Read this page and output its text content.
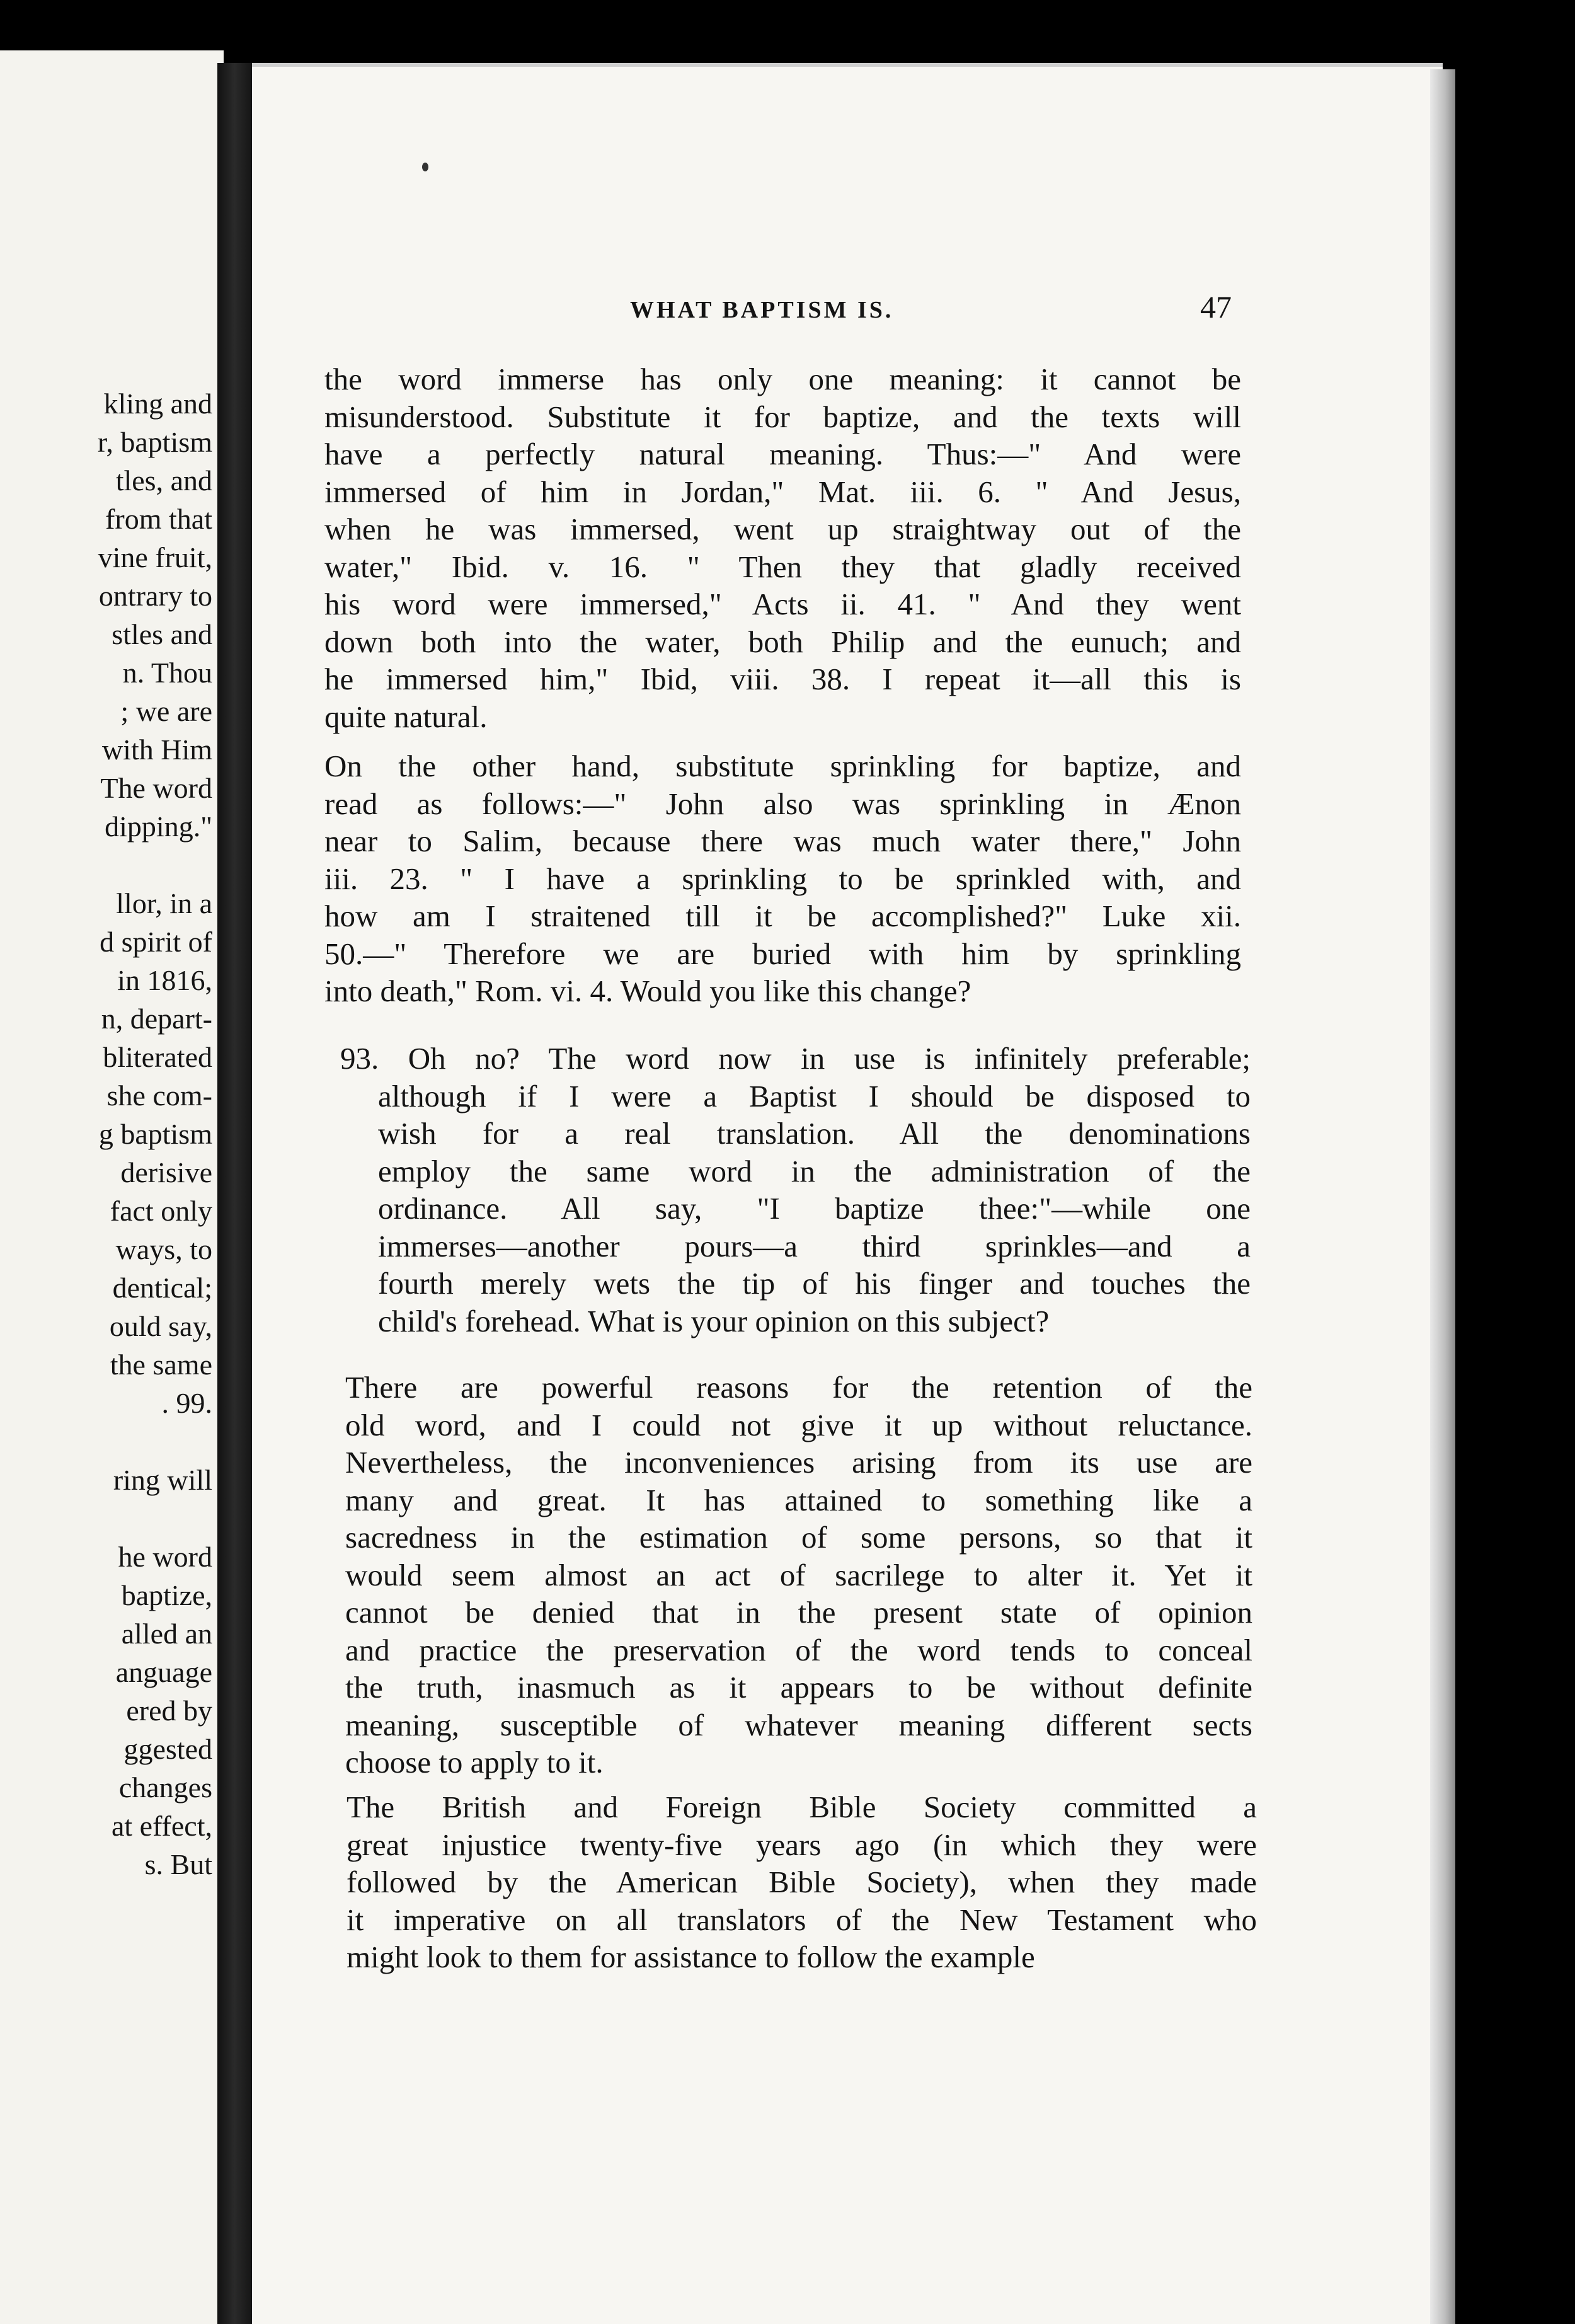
kling and
r, baptism
tles, and
from that
vine fruit,
ontrary to
stles and
n. Thou
; we are
with Him
The word
dipping."
llor, in a
d spirit of
in 1816,
n, depart-
bliterated
she com-
g baptism
derisive
fact only
ways, to
dentical;
ould say,
the same
. 99.
ring will
he word
baptize,
alled an
anguage
ered by
ggested
changes
at effect,
s. But
WHAT BAPTISM IS.	47
the word immerse has only one meaning: it cannot be
misunderstood. Substitute it for baptize, and the texts will
have a perfectly natural meaning. Thus:—" And were
immersed of him in Jordan," Mat. iii. 6. " And Jesus,
when he was immersed, went up straightway out of the
water," Ibid. v. 16. " Then they that gladly received
his word were immersed," Acts ii. 41. " And they went
down both into the water, both Philip and the eunuch; and
he immersed him," Ibid, viii. 38. I repeat it—all this is
quite natural.
On the other hand, substitute sprinkling for baptize, and
read as follows:—" John also was sprinkling in Ænon
near to Salim, because there was much water there," John
iii. 23. " I have a sprinkling to be sprinkled with, and
how am I straitened till it be accomplished?" Luke xii.
50.—" Therefore we are buried with him by sprinkling
into death," Rom. vi. 4. Would you like this change?
93. Oh no? The word now in use is infinitely preferable;
although if I were a Baptist I should be disposed to
wish for a real translation. All the denominations
employ the same word in the administration of the
ordinance. All say, "I baptize thee:"—while one
immerses—another pours—a third sprinkles—and a
fourth merely wets the tip of his finger and touches the
child's forehead. What is your opinion on this subject?
There are powerful reasons for the retention of the
old word, and I could not give it up without reluctance.
Nevertheless, the inconveniences arising from its use are
many and great. It has attained to something like a
sacredness in the estimation of some persons, so that it
would seem almost an act of sacrilege to alter it. Yet it
cannot be denied that in the present state of opinion
and practice the preservation of the word tends to conceal
the truth, inasmuch as it appears to be without definite
meaning, susceptible of whatever meaning different sects
choose to apply to it.
The British and Foreign Bible Society committed a
great injustice twenty-five years ago (in which they were
followed by the American Bible Society), when they made
it imperative on all translators of the New Testament who
might look to them for assistance to follow the example
